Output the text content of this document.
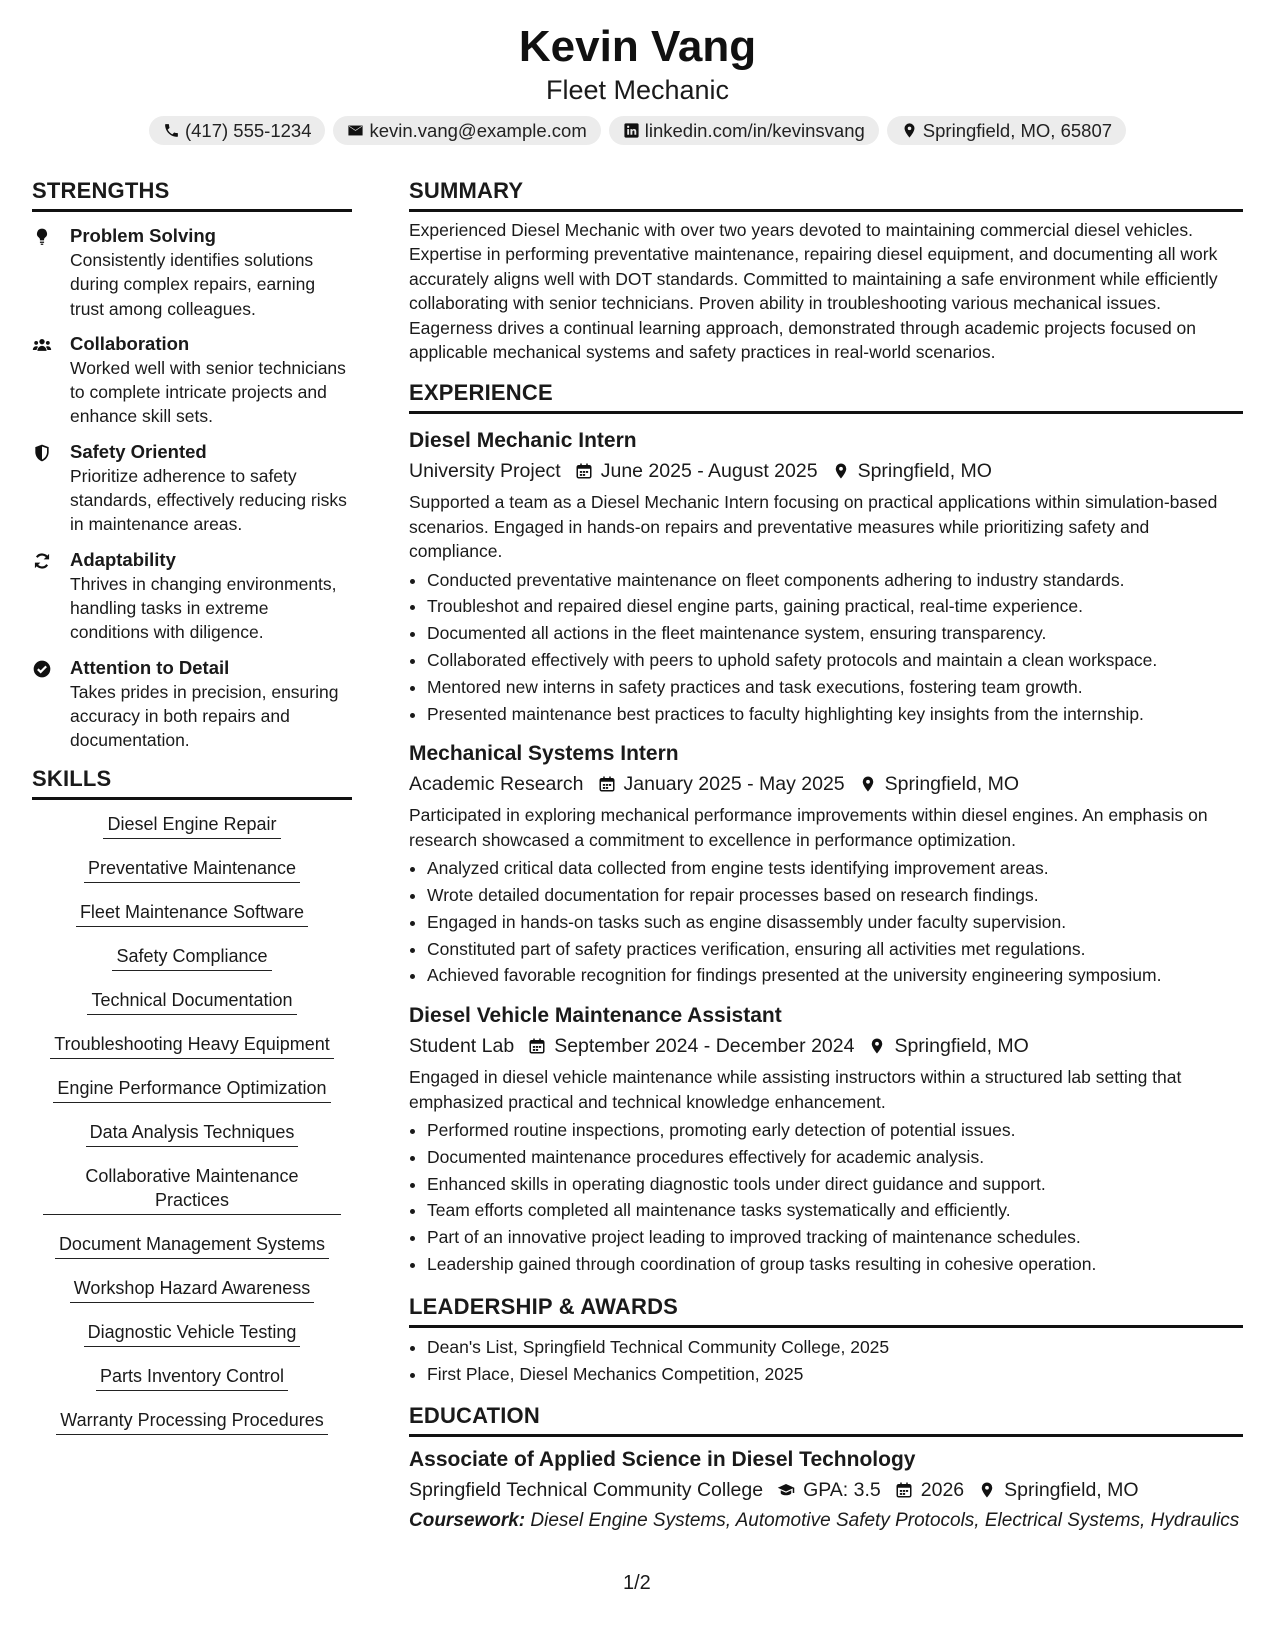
Kevin Vang
Fleet Mechanic
(417) 555-1234	kevin.vang@example.com	linkedin.com/in/kevinsvang	Springfield, MO, 65807
STRENGTHS
Problem Solving
Consistently identifies solutions during complex repairs, earning trust among colleagues.
Collaboration
Worked well with senior technicians to complete intricate projects and enhance skill sets.
Safety Oriented
Prioritize adherence to safety standards, effectively reducing risks in maintenance areas.
Adaptability
Thrives in changing environments, handling tasks in extreme conditions with diligence.
Attention to Detail
Takes prides in precision, ensuring accuracy in both repairs and documentation.
SKILLS
Diesel Engine Repair
Preventative Maintenance
Fleet Maintenance Software
Safety Compliance
Technical Documentation
Troubleshooting Heavy Equipment
Engine Performance Optimization
Data Analysis Techniques
Collaborative Maintenance Practices
Document Management Systems
Workshop Hazard Awareness
Diagnostic Vehicle Testing
Parts Inventory Control
Warranty Processing Procedures
SUMMARY
Experienced Diesel Mechanic with over two years devoted to maintaining commercial diesel vehicles. Expertise in performing preventative maintenance, repairing diesel equipment, and documenting all work accurately aligns well with DOT standards. Committed to maintaining a safe environment while efficiently collaborating with senior technicians. Proven ability in troubleshooting various mechanical issues. Eagerness drives a continual learning approach, demonstrated through academic projects focused on applicable mechanical systems and safety practices in real-world scenarios.
EXPERIENCE
Diesel Mechanic Intern
University Project June 2025 - August 2025 Springfield, MO
Supported a team as a Diesel Mechanic Intern focusing on practical applications within simulation-based scenarios. Engaged in hands-on repairs and preventative measures while prioritizing safety and compliance.
• Conducted preventative maintenance on fleet components adhering to industry standards.
• Troubleshot and repaired diesel engine parts, gaining practical, real-time experience.
• Documented all actions in the fleet maintenance system, ensuring transparency.
• Collaborated effectively with peers to uphold safety protocols and maintain a clean workspace.
• Mentored new interns in safety practices and task executions, fostering team growth.
• Presented maintenance best practices to faculty highlighting key insights from the internship.
Mechanical Systems Intern
Academic Research January 2025 - May 2025 Springfield, MO
Participated in exploring mechanical performance improvements within diesel engines. An emphasis on research showcased a commitment to excellence in performance optimization.
• Analyzed critical data collected from engine tests identifying improvement areas.
• Wrote detailed documentation for repair processes based on research findings.
• Engaged in hands-on tasks such as engine disassembly under faculty supervision.
• Constituted part of safety practices verification, ensuring all activities met regulations.
• Achieved favorable recognition for findings presented at the university engineering symposium.
Diesel Vehicle Maintenance Assistant
Student Lab September 2024 - December 2024 Springfield, MO
Engaged in diesel vehicle maintenance while assisting instructors within a structured lab setting that emphasized practical and technical knowledge enhancement.
• Performed routine inspections, promoting early detection of potential issues.
• Documented maintenance procedures effectively for academic analysis.
• Enhanced skills in operating diagnostic tools under direct guidance and support.
• Team efforts completed all maintenance tasks systematically and efficiently.
• Part of an innovative project leading to improved tracking of maintenance schedules.
• Leadership gained through coordination of group tasks resulting in cohesive operation.
LEADERSHIP & AWARDS
• Dean's List, Springfield Technical Community College, 2025
• First Place, Diesel Mechanics Competition, 2025
EDUCATION
Associate of Applied Science in Diesel Technology
Springfield Technical Community College GPA: 3.5 2026 Springfield, MO
Coursework: Diesel Engine Systems, Automotive Safety Protocols, Electrical Systems, Hydraulics
1/2
